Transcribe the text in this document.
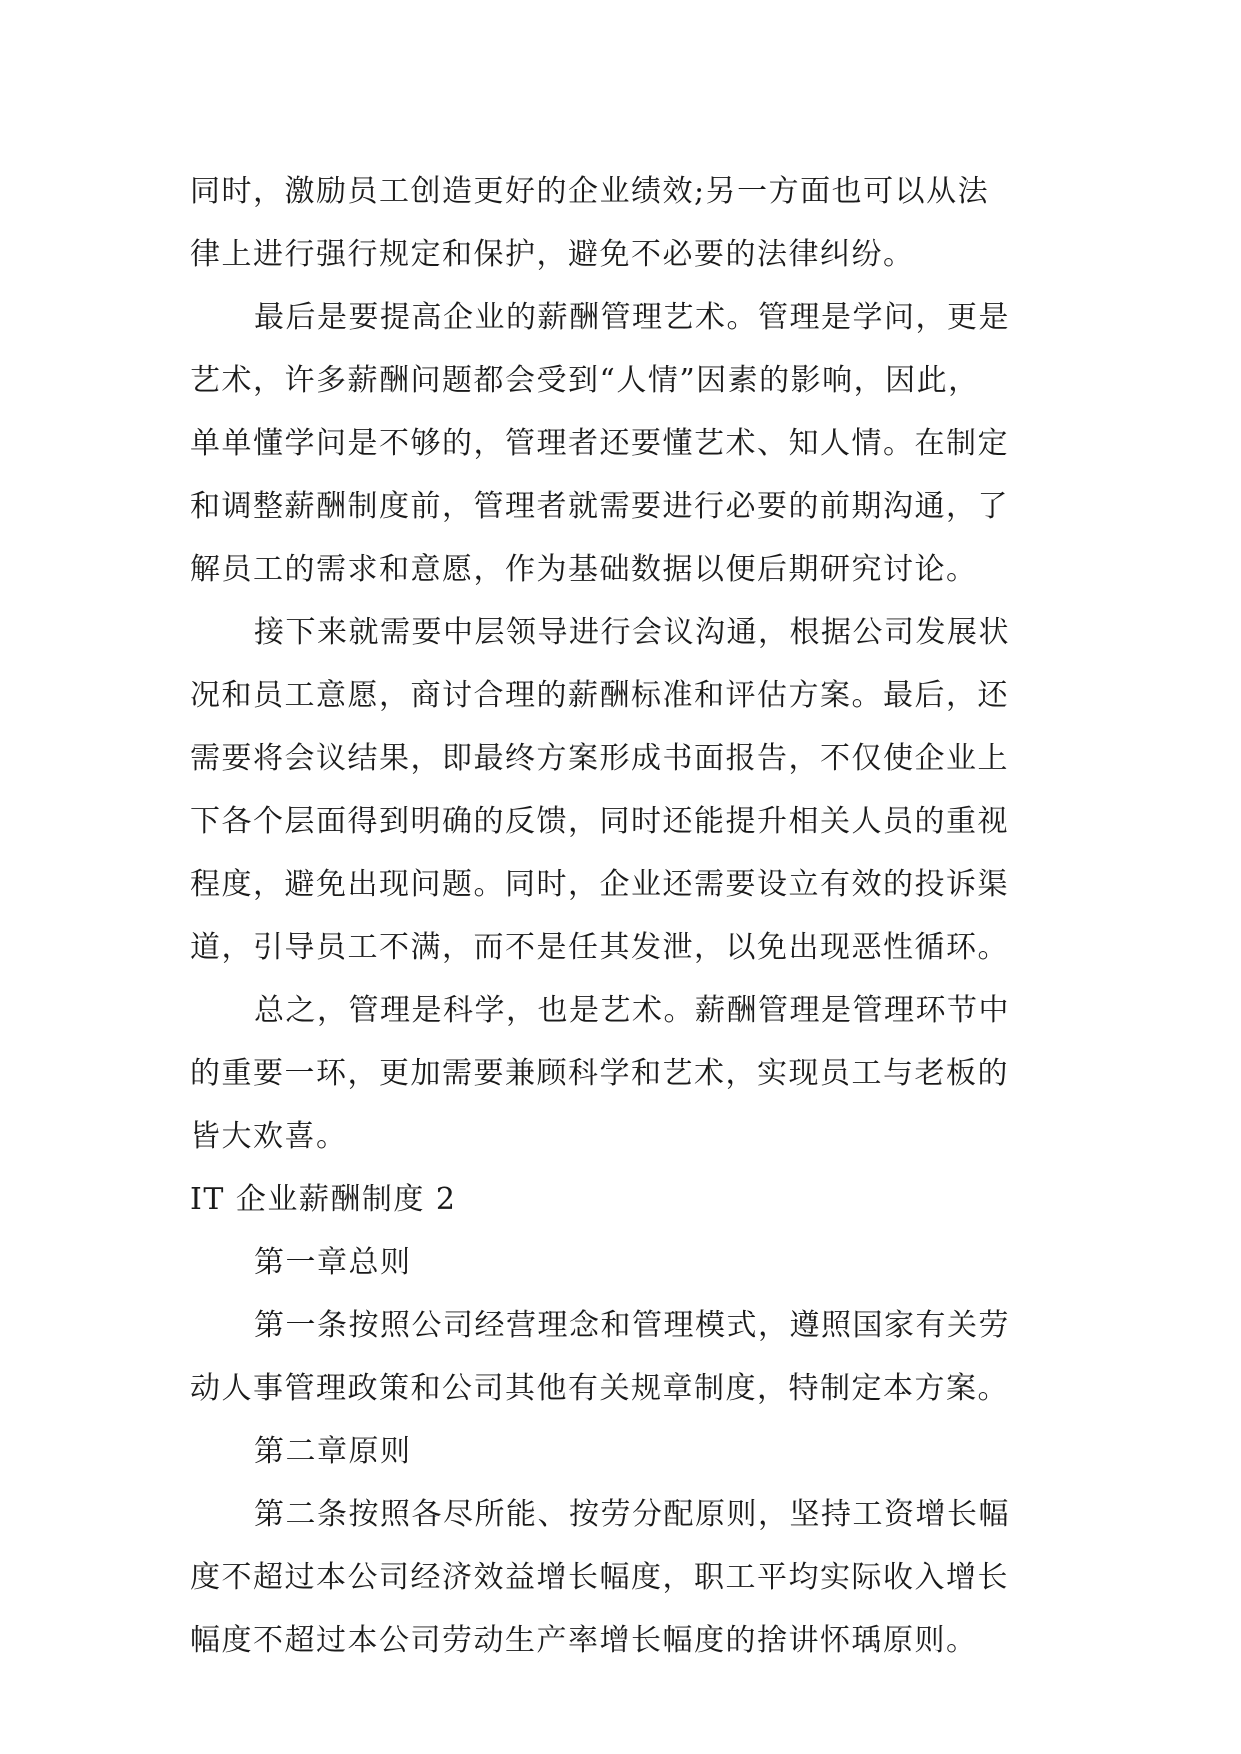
同时，激励员工创造更好的企业绩效;另一方面也可以从法
律上进行强行规定和保护，避免不必要的法律纠纷。
最后是要提高企业的薪酬管理艺术。管理是学问，更是
艺术，许多薪酬问题都会受到“人情”因素的影响，因此，
单单懂学问是不够的，管理者还要懂艺术、知人情。在制定
和调整薪酬制度前，管理者就需要进行必要的前期沟通，了
解员工的需求和意愿，作为基础数据以便后期研究讨论。
接下来就需要中层领导进行会议沟通，根据公司发展状
况和员工意愿，商讨合理的薪酬标准和评估方案。最后，还
需要将会议结果，即最终方案形成书面报告，不仅使企业上
下各个层面得到明确的反馈，同时还能提升相关人员的重视
程度，避免出现问题。同时，企业还需要设立有效的投诉渠
道，引导员工不满，而不是任其发泄，以免出现恶性循环。
总之，管理是科学，也是艺术。薪酬管理是管理环节中
的重要一环，更加需要兼顾科学和艺术，实现员工与老板的
皆大欢喜。
IT 企业薪酬制度 2
第一章总则
第一条按照公司经营理念和管理模式，遵照国家有关劳
动人事管理政策和公司其他有关规章制度，特制定本方案。
第二章原则
第二条按照各尽所能、按劳分配原则，坚持工资增长幅
度不超过本公司经济效益增长幅度，职工平均实际收入增长
幅度不超过本公司劳动生产率增长幅度的捨讲怀瑀原则。
